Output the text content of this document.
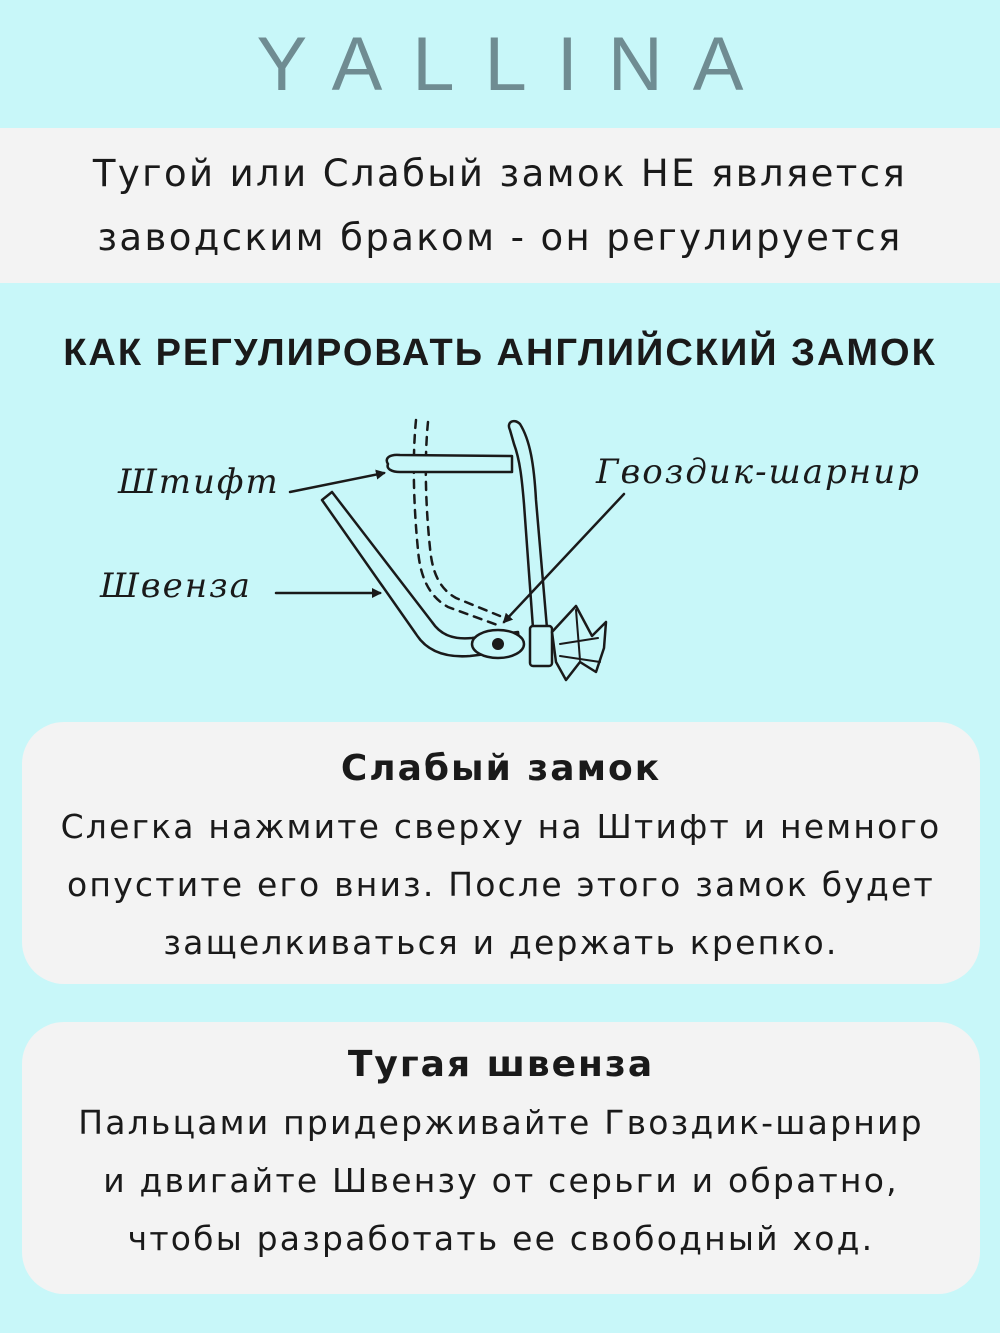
YALLINA
Тугой или Слабый замок НЕ является
заводским браком - он регулируется
КАК РЕГУЛИРОВАТЬ АНГЛИЙСКИЙ ЗАМОК
Штифт	Гвоздик-шарнир
Швенза
Слабый замок
Слегка нажмите сверху на Штифт и немного
опустите его вниз. После этого замок будет
защелкиваться и держать крепко.
Тугая швенза
Пальцами придерживайте Гвоздик-шарнир
и двигайте Швензу от серьги и обратно,
чтобы разработать ее свободный ход.
